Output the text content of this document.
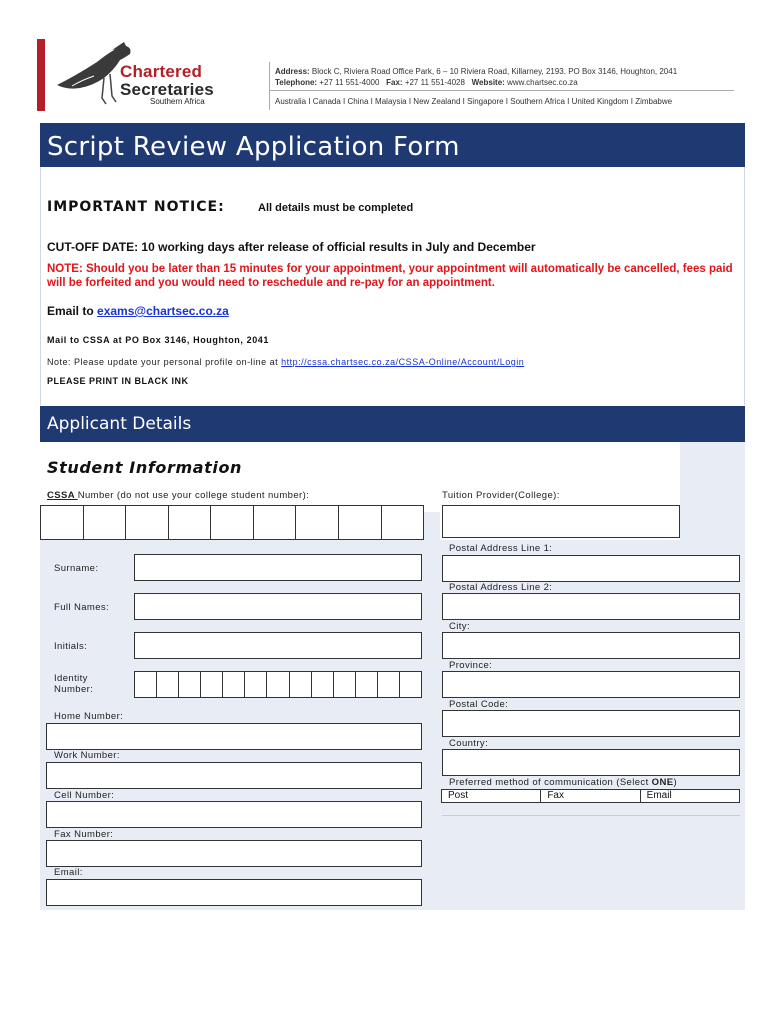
Chartered
Secretaries
Southern Africa
Address: Block C, Riviera Road Office Park, 6 – 10 Riviera Road, Killarney, 2193. PO Box 3146, Houghton, 2041
Telephone: +27 11 551-4000 Fax: +27 11 551-4028 Website: www.chartsec.co.za
Australia I Canada I China I Malaysia I New Zealand I Singapore I Southern Africa I United Kingdom I Zimbabwe
Script Review Application Form
IMPORTANT NOTICE:	All details must be completed
CUT-OFF DATE: 10 working days after release of official results in July and December
NOTE: Should you be later than 15 minutes for your appointment, your appointment will automatically be cancelled, fees paid will be forfeited and you would need to reschedule and re-pay for an appointment.
Email to exams@chartsec.co.za
Mail to CSSA at PO Box 3146, Houghton, 2041
Note: Please update your personal profile on-line at http://cssa.chartsec.co.za/CSSA-Online/Account/Login
PLEASE PRINT IN BLACK INK
Applicant Details
Student Information
CSSA Number (do not use your college student number):	Tuition Provider(College):
Surname:
Full Names:
Initials:
Identity
Number:
Home Number:
Work Number:
Cell Number:
Fax Number:
Email:
Postal Address Line 1:
Postal Address Line 2:
City:
Province:
Postal Code:
Country:
Preferred method of communication (Select ONE)
Post	Fax	Email
